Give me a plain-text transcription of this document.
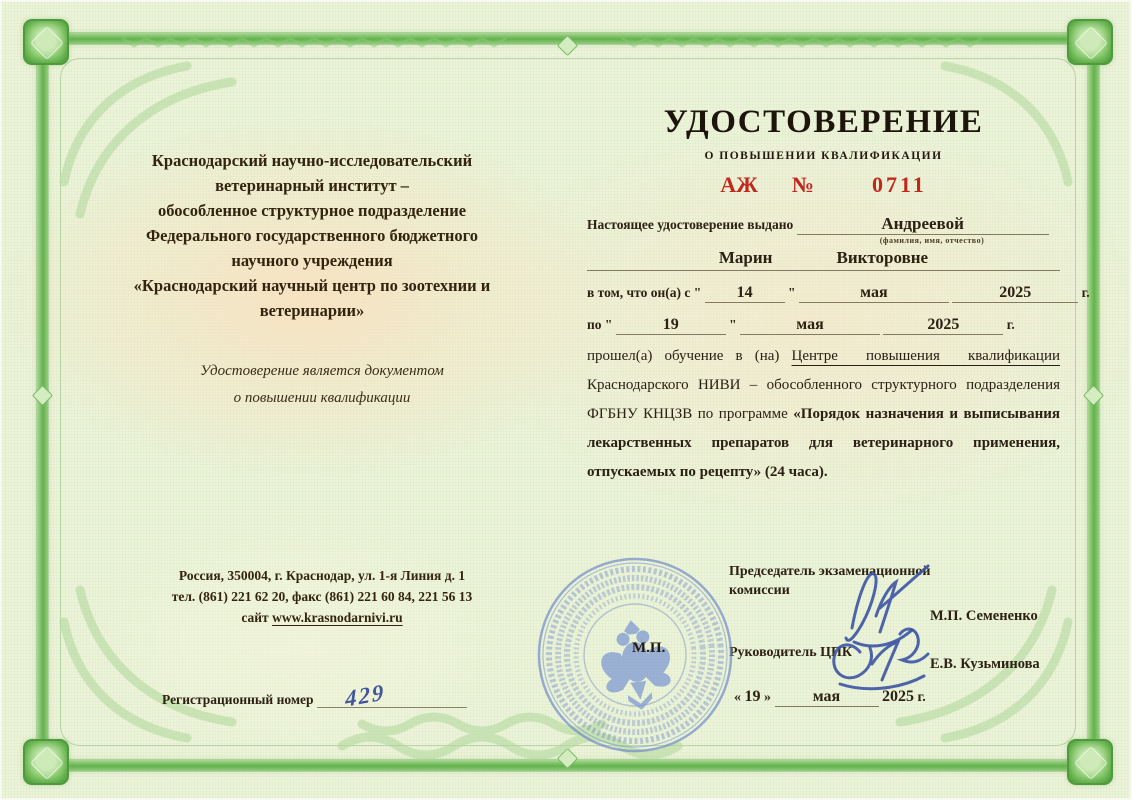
Краснодарский научно-исследовательский
ветеринарный институт –
обособленное структурное подразделение
Федерального государственного бюджетного
научного учреждения
«Краснодарский научный центр по зоотехнии и
ветеринарии»
Удостоверение является документом
о повышении квалификации
Россия, 350004, г. Краснодар, ул. 1-я Линия д. 1
тел. (861) 221 62 20, факс (861) 221 60 84, 221 56 13
сайт www.krasnodarnivi.ru
Регистрационный номер 429
УДОСТОВЕРЕНИЕ
О ПОВЫШЕНИИ КВАЛИФИКАЦИИ
АЖ №	0711
Настоящее удостоверение выдано	Андреевой
(фамилия, имя, отчество)
Марин	Викторовне
в том, что он(а) с " 14	"	мая	2025	г.
по "	19	"	мая	2025	г.

прошел(а) обучение в (на) Центре повышения квалификации Краснодарского НИВИ – обособленного структурного подразделения ФГБНУ КНЦЗВ по программе «Порядок назначения и выписывания лекарственных препаратов для ветеринарного применения, отпускаемых по рецепту» (24 часа).

М.П.
Председатель экзаменационной
комиссии
М.П. Семененко
Руководитель ЦПК
Е.В. Кузьминова
« 19 »	мая	2025 г.
